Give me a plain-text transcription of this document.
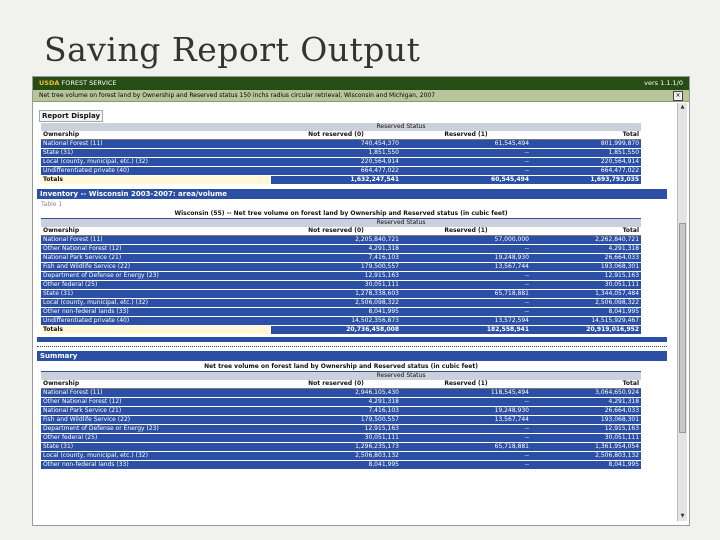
Saving Report Output
USDA FOREST SERVICE	vers 1.1.1/0
Net tree volume on forest land by Ownership and Reserved status 150 inchs radius circular retrieval, Wisconsin and Michigan, 2007	×
Report Display
	Reserved Status		
Ownership	Not reserved (0)	Reserved (1)	Total
National Forest (11)	740,454,370	61,545,494	801,999,870
State (31)	1,851,550	--	1,851,550
Local (county, municipal, etc.) (32)	220,564,914	--	220,564,914
Undifferentiated private (40)	664,477,022	--	664,477,022
Totals	1,632,247,541	60,545,494	1,693,793,035
Inventory -- Wisconsin 2003-2007: area/volume
Table 1
Wisconsin (55) -- Net tree volume on forest land by Ownership and Reserved status (in cubic feet)			
	Reserved Status		
Ownership	Not reserved (0)	Reserved (1)	Total
National Forest (11)	2,205,840,721	57,000,000	2,262,840,721
Other National Forest (12)	4,291,318	--	4,291,318
National Park Service (21)	7,416,103	19,248,930	26,664,033
Fish and Wildlife Service (22)	179,500,557	13,567,744	193,068,301
Department of Defense or Energy (23)	12,915,163	--	12,915,163
Other federal (25)	30,051,111	--	30,051,111
State (31)	1,278,338,603	65,718,881	1,344,057,484
Local (county, municipal, etc.) (32)	2,506,098,322	--	2,506,098,322
Other non-federal lands (33)	8,041,995	--	8,041,995
Undifferentiated private (40)	14,502,356,873	13,572,594	14,515,929,467
Totals	20,736,458,008	182,558,941	20,919,016,952
Summary
Net tree volume on forest land by Ownership and Reserved status (in cubic feet)			
	Reserved Status		
Ownership	Not reserved (0)	Reserved (1)	Total
National Forest (11)	2,946,105,430	118,545,494	3,064,650,924
Other National Forest (12)	4,291,318	--	4,291,318
National Park Service (21)	7,416,103	19,248,930	26,664,033
Fish and Wildlife Service (22)	179,500,557	13,567,744	193,068,301
Department of Defense or Energy (23)	12,915,163	--	12,915,163
Other federal (25)	30,051,111	--	30,051,111
State (31)	1,296,235,173	65,718,881	1,361,954,054
Local (county, municipal, etc.) (32)	2,506,803,132	--	2,506,803,132
Other non-federal lands (33)	8,041,995	--	8,041,995
▲
▼
